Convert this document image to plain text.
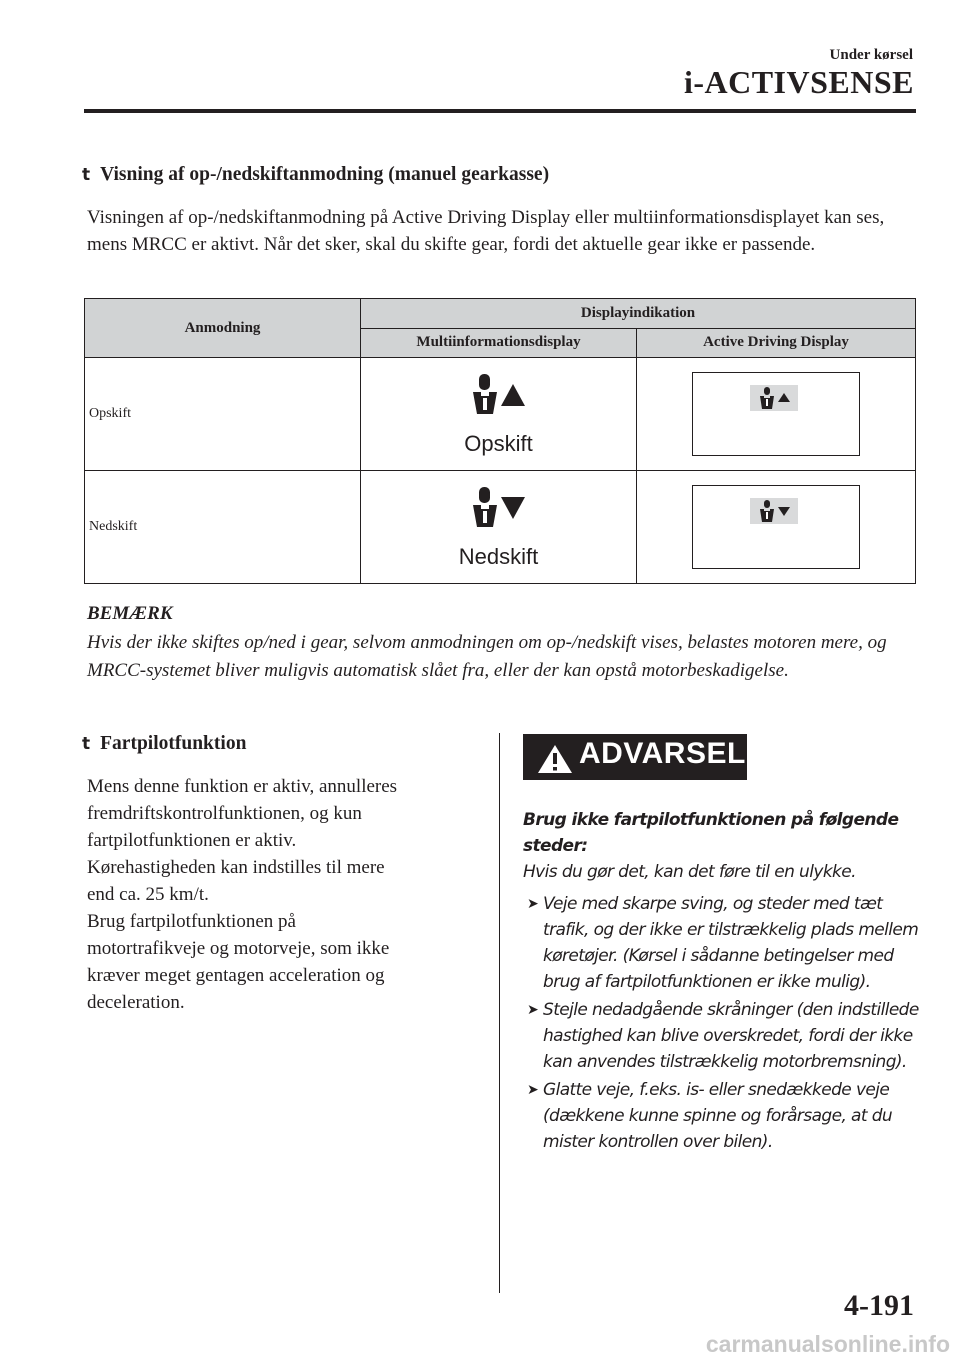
Under kørsel
i-ACTIVSENSE
t Visning af op-/nedskiftanmodning (manuel gearkasse)
Visningen af op-/nedskiftanmodning på Active Driving Display eller multiinformationsdisplayet kan ses, mens MRCC er aktivt. Når det sker, skal du skifte gear, fordi det aktuelle gear ikke er passende.
Anmodning	Displayindikation	
	Multiinformationsdisplay	Active Driving Display
Opskift	Opskift

Nedskift	Nedskift

BEMÆRK
Hvis der ikke skiftes op/ned i gear, selvom anmodningen om op-/nedskift vises, belastes motoren mere, og MRCC-systemet bliver muligvis automatisk slået fra, eller der kan opstå motorbeskadigelse.
t Fartpilotfunktion
Mens denne funktion er aktiv, annulleres
fremdriftskontrolfunktionen, og kun
fartpilotfunktionen er aktiv.
Kørehastigheden kan indstilles til mere
end ca. 25 km/t.
Brug fartpilotfunktionen på
motortrafikveje og motorveje, som ikke
kræver meget gentagen acceleration og
deceleration.
ADVARSEL

Brug ikke fartpilotfunktionen på følgende steder:

Hvis du gør det, kan det føre til en ulykke.

➤ Veje med skarpe sving, og steder med tæt trafik, og der ikke er tilstrækkelig plads mellem køretøjer. (Kørsel i sådanne betingelser med brug af fartpilotfunktionen er ikke mulig).
➤ Stejle nedadgående skråninger (den indstillede hastighed kan blive overskredet, fordi der ikke kan anvendes tilstrækkelig motorbremsning).
➤ Glatte veje, f.eks. is- eller snedækkede veje (dækkene kunne spinne og forårsage, at du mister kontrollen over bilen).
4-191
carmanualsonline.info
